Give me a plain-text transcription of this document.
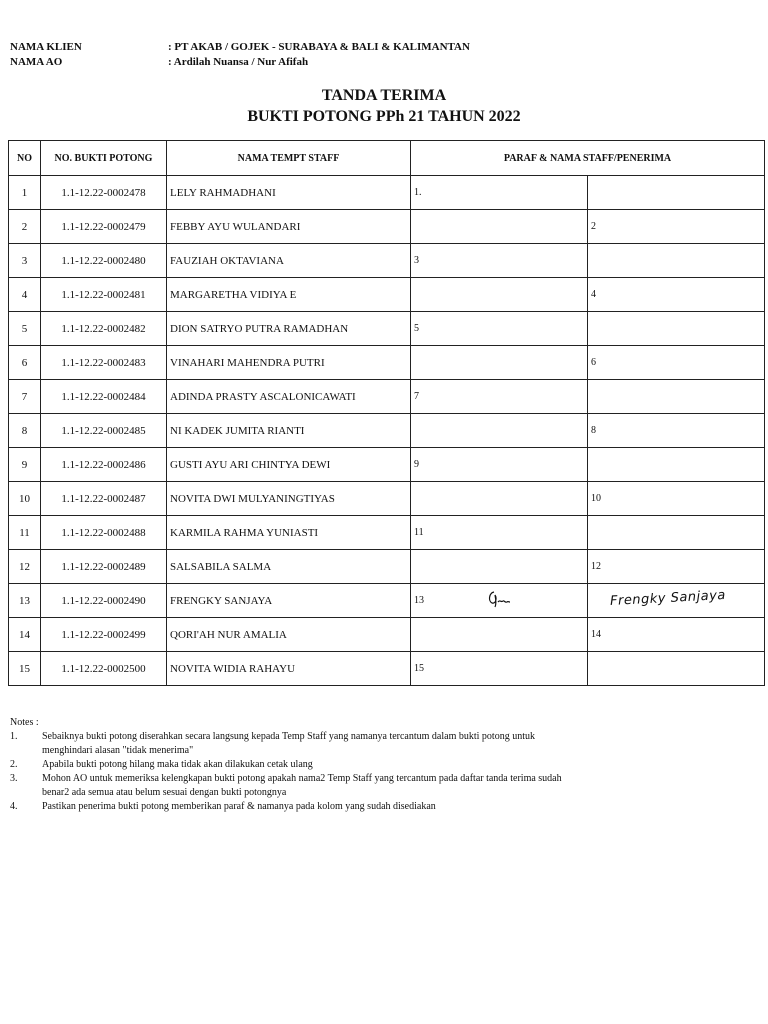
NAMA KLIEN	: PT AKAB / GOJEK - SURABAYA & BALI & KALIMANTAN
NAMA AO	: Ardilah Nuansa / Nur Afifah
TANDA TERIMA
BUKTI POTONG PPh 21 TAHUN 2022
NO	NO. BUKTI POTONG	NAMA TEMPT STAFF	PARAF & NAMA STAFF/PENERIMA	
1	1.1-12.22-0002478	LELY RAHMADHANI	1.	
2	1.1-12.22-0002479	FEBBY AYU WULANDARI		2
3	1.1-12.22-0002480	FAUZIAH OKTAVIANA	3	
4	1.1-12.22-0002481	MARGARETHA VIDIYA E		4
5	1.1-12.22-0002482	DION SATRYO PUTRA RAMADHAN	5	
6	1.1-12.22-0002483	VINAHARI MAHENDRA PUTRI		6
7	1.1-12.22-0002484	ADINDA PRASTY ASCALONICAWATI	7	
8	1.1-12.22-0002485	NI KADEK JUMITA RIANTI		8
9	1.1-12.22-0002486	GUSTI AYU ARI CHINTYA DEWI	9	
10	1.1-12.22-0002487	NOVITA DWI MULYANINGTIYAS		10
11	1.1-12.22-0002488	KARMILA RAHMA YUNIASTI	11	
12	1.1-12.22-0002489	SALSABILA SALMA		12
13	1.1-12.22-0002490	FRENGKY SANJAYA	13	Frengky Sanjaya

14	1.1-12.22-0002499	QORI'AH NUR AMALIA		14
15	1.1-12.22-0002500	NOVITA WIDIA RAHAYU	15	
Notes :
1.	Sebaiknya bukti potong diserahkan secara langsung kepada Temp Staff yang namanya tercantum dalam bukti potong untuk menghindari alasan "tidak menerima"
2.	Apabila bukti potong hilang maka tidak akan dilakukan cetak ulang
3.	Mohon AO untuk memeriksa kelengkapan bukti potong apakah nama2 Temp Staff yang tercantum pada daftar tanda terima sudah benar2 ada semua atau belum sesuai dengan bukti potongnya
4.	Pastikan penerima bukti potong memberikan paraf & namanya pada kolom yang sudah disediakan
